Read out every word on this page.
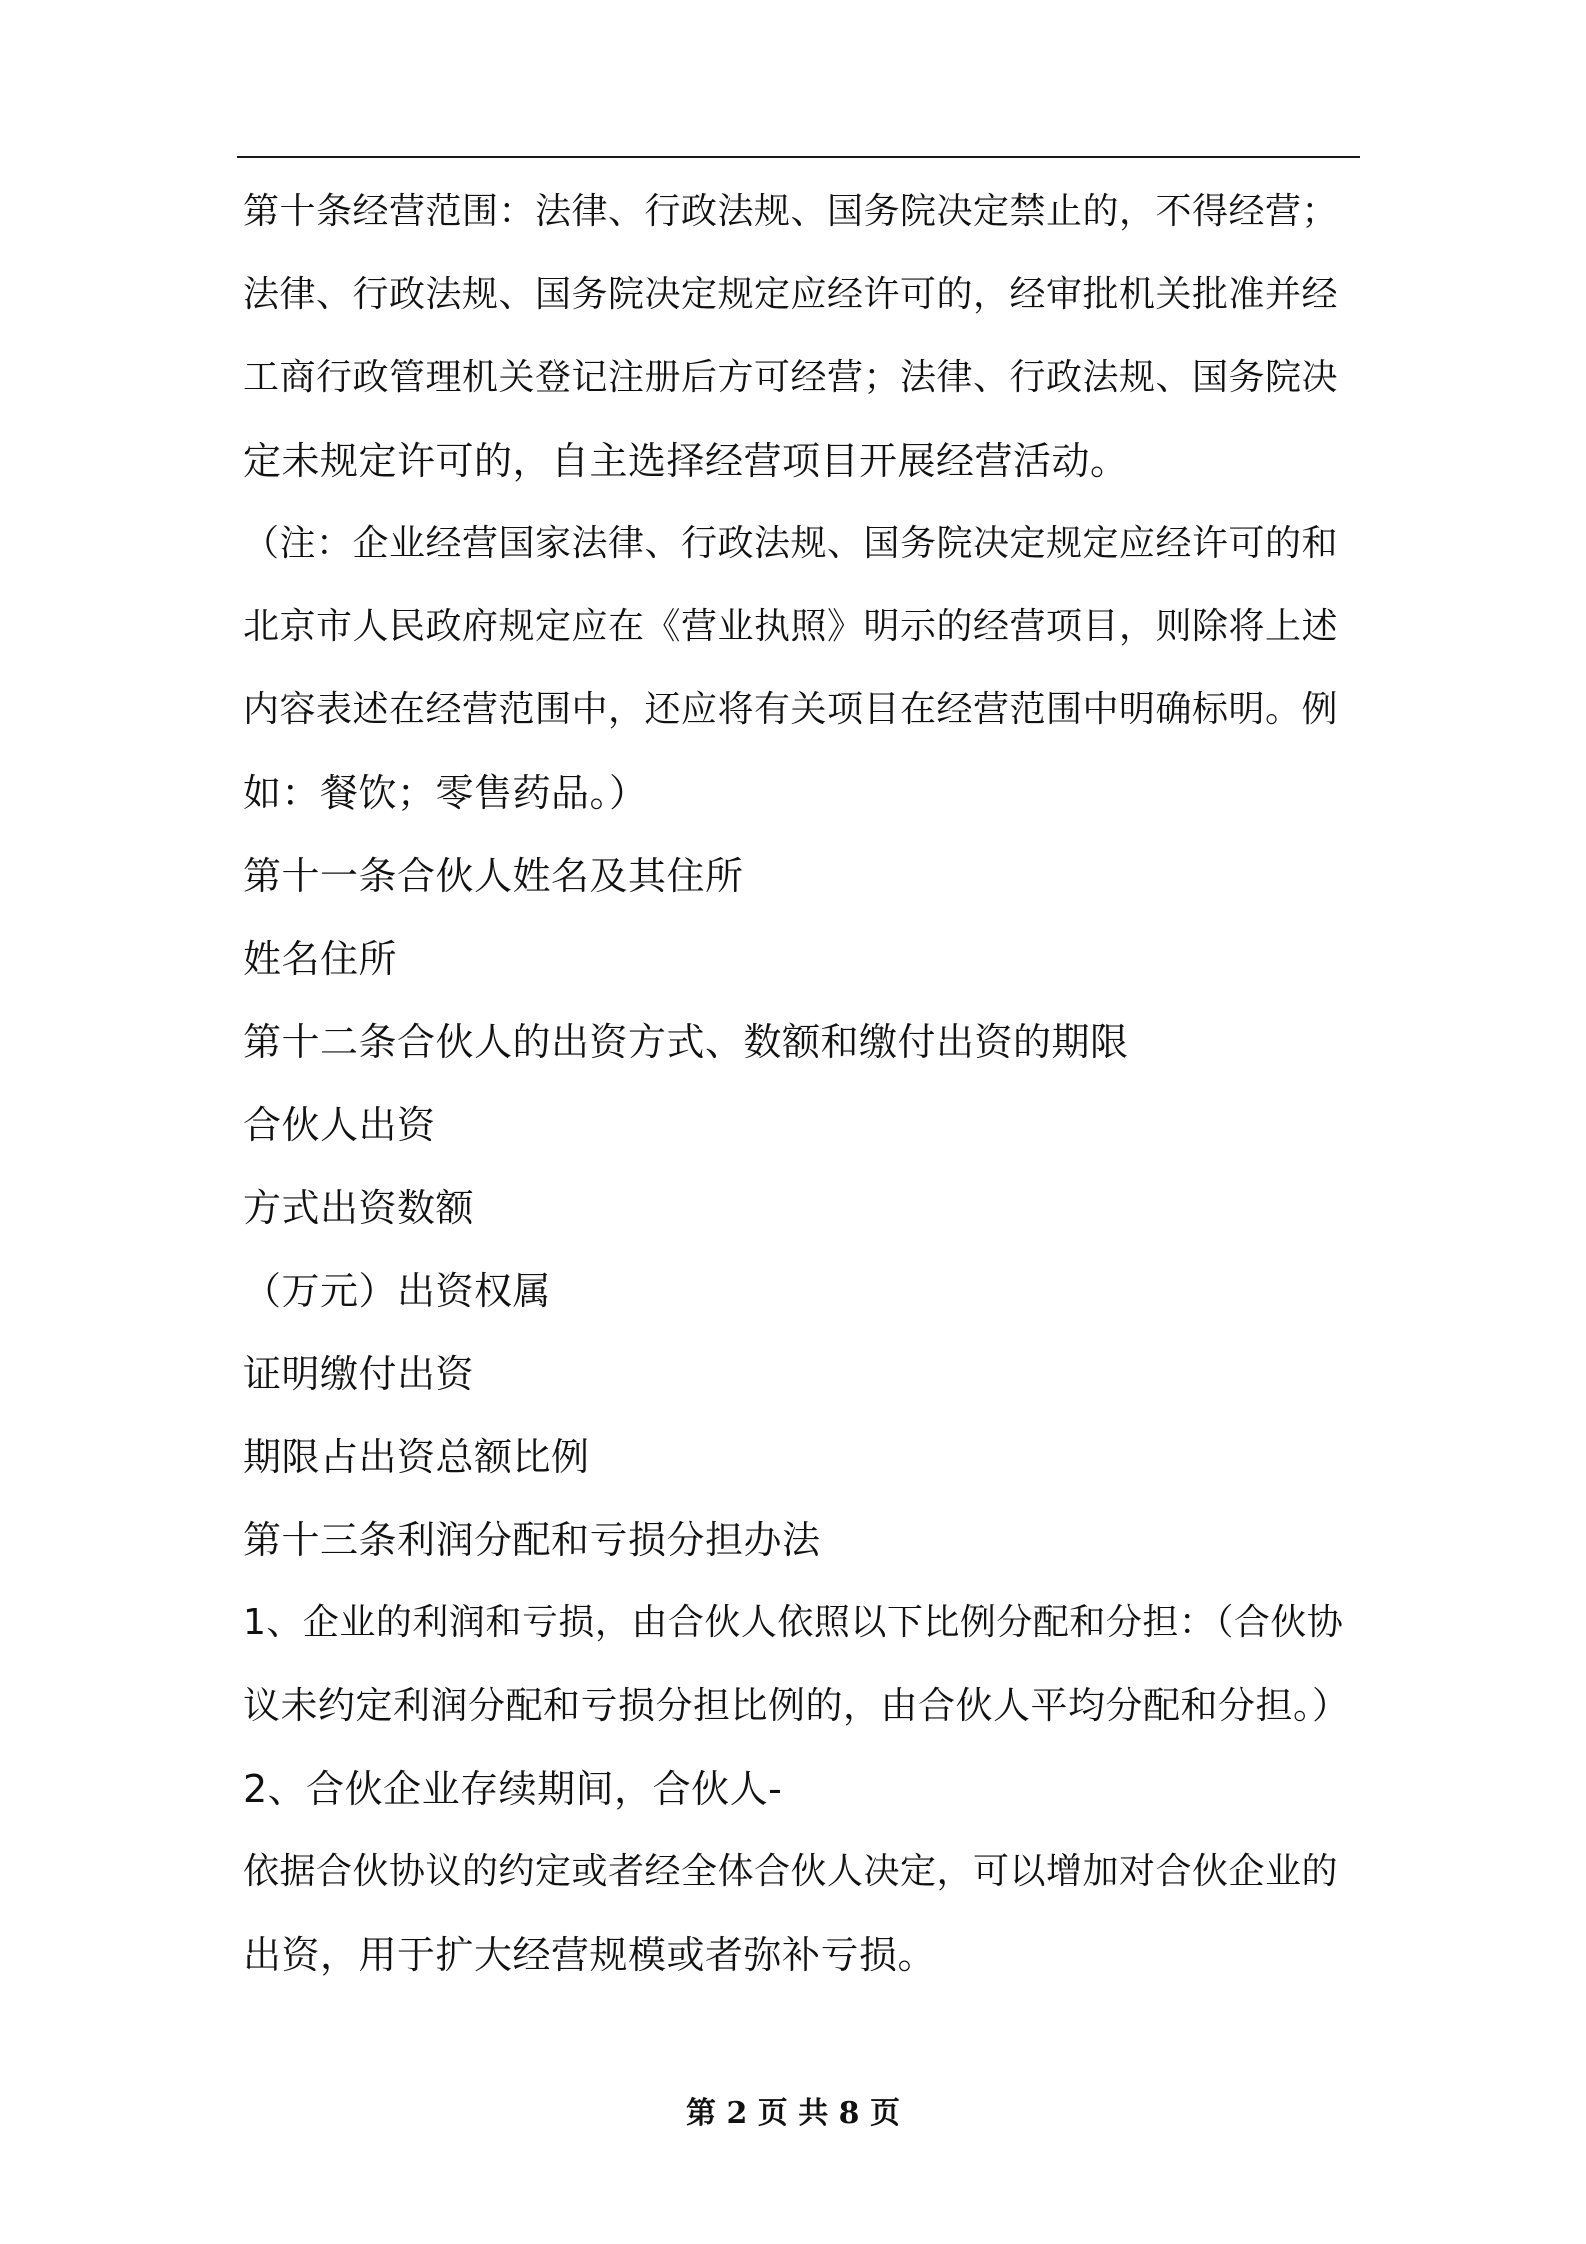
第十条经营范围：法律、行政法规、国务院决定禁止的，不得经营；
法律、行政法规、国务院决定规定应经许可的，经审批机关批准并经
工商行政管理机关登记注册后方可经营；法律、行政法规、国务院决
定未规定许可的，自主选择经营项目开展经营活动。
（注：企业经营国家法律、行政法规、国务院决定规定应经许可的和
北京市人民政府规定应在《营业执照》明示的经营项目，则除将上述
内容表述在经营范围中，还应将有关项目在经营范围中明确标明。例
如：餐饮；零售药品。）
第十一条合伙人姓名及其住所
姓名住所
第十二条合伙人的出资方式、数额和缴付出资的期限
合伙人出资
方式出资数额
（万元）出资权属
证明缴付出资
期限占出资总额比例
第十三条利润分配和亏损分担办法
1、企业的利润和亏损，由合伙人依照以下比例分配和分担：（合伙协
议未约定利润分配和亏损分担比例的，由合伙人平均分配和分担。）
2、合伙企业存续期间，合伙人-
依据合伙协议的约定或者经全体合伙人决定，可以增加对合伙企业的
出资，用于扩大经营规模或者弥补亏损。
第 2 页 共 8 页
